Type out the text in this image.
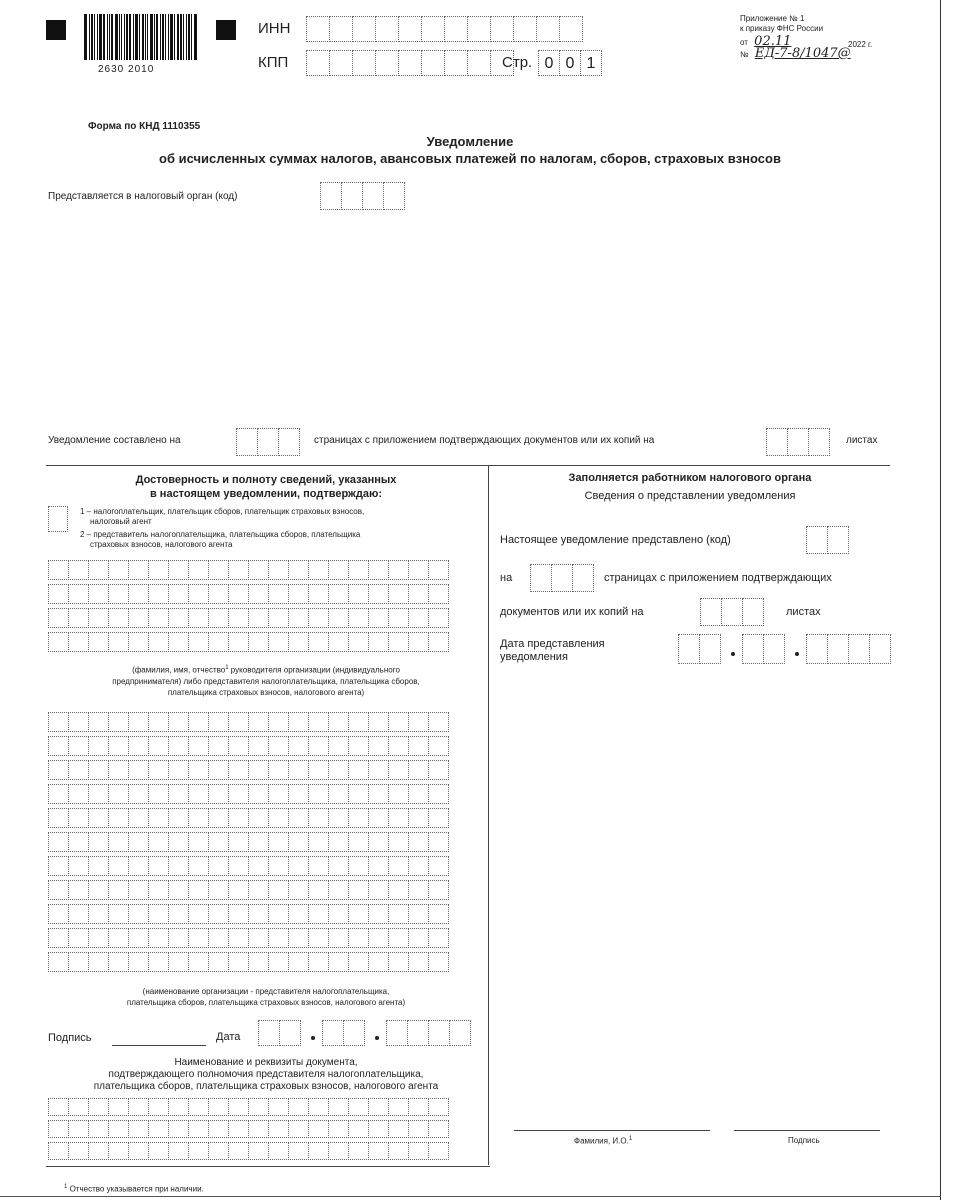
2630 2010
ИНН
КПП	Стр. 0 0 1
Приложение № 1
к приказу ФНС России
от 02.11	2022 г.
№ ЕД-7-8/1047@
Форма по КНД 1110355
Уведомление
об исчисленных суммах налогов, авансовых платежей по налогам, сборов, страховых взносов
Представляется в налоговый орган (код)
Уведомление составлено на	страницах с приложением подтверждающих документов или их копий на	листах
Достоверность и полноту сведений, указанных
в настоящем уведомлении, подтверждаю:
1 – налогоплательщик, плательщик сборов, плательщик страховых взносов,
налоговый агент
2 – представитель налогоплательщика, плательщика сборов, плательщика
страховых взносов, налогового агента
(фамилия, имя, отчество$^1$ руководителя организации (индивидуального
предпринимателя) либо представителя налогоплательщика, плательщика сборов,
плательщика страховых взносов, налогового агента)
(наименование организации - представителя налогоплательщика,
плательщика сборов, плательщика страховых взносов, налогового агента)
Подпись	Дата
Наименование и реквизиты документа,
подтверждающего полномочия представителя налогоплательщика,
плательщика сборов, плательщика страховых взносов, налогового агента
Заполняется работником налогового органа
Сведения о представлении уведомления
Настоящее уведомление представлено (код)
на	страницах с приложением подтверждающих
документов или их копий на	листах
Дата представления
уведомления
Фамилия, И.О.$^1$	Подпись
$^1$ Отчество указывается при наличии.
